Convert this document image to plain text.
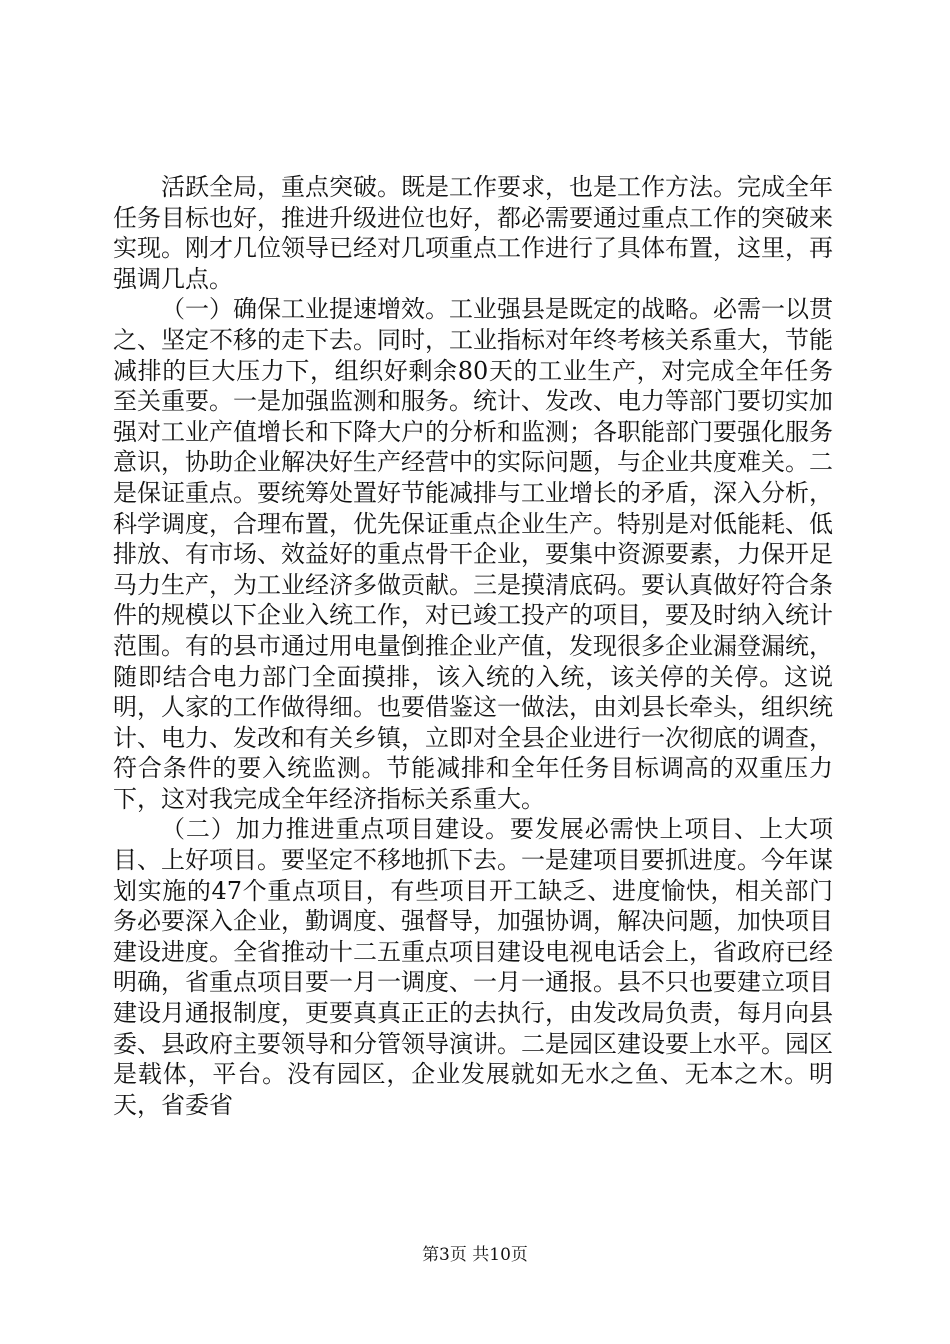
活跃全局，重点突破。既是工作要求，也是工作方法。完成全年任务目标也好，推进升级进位也好，都必需要通过重点工作的突破来实现。刚才几位领导已经对几项重点工作进行了具体布置，这里，再强调几点。

（一）确保工业提速增效。工业强县是既定的战略。必需一以贯之、坚定不移的走下去。同时，工业指标对年终考核关系重大，节能减排的巨大压力下，组织好剩余80天的工业生产，对完成全年任务至关重要。一是加强监测和服务。统计、发改、电力等部门要切实加强对工业产值增长和下降大户的分析和监测；各职能部门要强化服务意识，协助企业解决好生产经营中的实际问题，与企业共度难关。二是保证重点。要统筹处置好节能减排与工业增长的矛盾，深入分析，科学调度，合理布置，优先保证重点企业生产。特别是对低能耗、低排放、有市场、效益好的重点骨干企业，要集中资源要素，力保开足马力生产，为工业经济多做贡献。三是摸清底码。要认真做好符合条件的规模以下企业入统工作，对已竣工投产的项目，要及时纳入统计范围。有的县市通过用电量倒推企业产值，发现很多企业漏登漏统，随即结合电力部门全面摸排，该入统的入统，该关停的关停。这说明，人家的工作做得细。也要借鉴这一做法，由刘县长牵头，组织统计、电力、发改和有关乡镇，立即对全县企业进行一次彻底的调查，符合条件的要入统监测。节能减排和全年任务目标调高的双重压力下，这对我完成全年经济指标关系重大。

（二）加力推进重点项目建设。要发展必需快上项目、上大项目、上好项目。要坚定不移地抓下去。一是建项目要抓进度。今年谋划实施的47个重点项目，有些项目开工缺乏、进度愉快，相关部门务必要深入企业，勤调度、强督导，加强协调，解决问题，加快项目建设进度。全省推动十二五重点项目建设电视电话会上，省政府已经明确，省重点项目要一月一调度、一月一通报。县不只也要建立项目建设月通报制度，更要真真正正的去执行，由发改局负责，每月向县委、县政府主要领导和分管领导演讲。二是园区建设要上水平。园区是载体，平台。没有园区，企业发展就如无水之鱼、无本之木。明天，省委省

第3页 共10页
